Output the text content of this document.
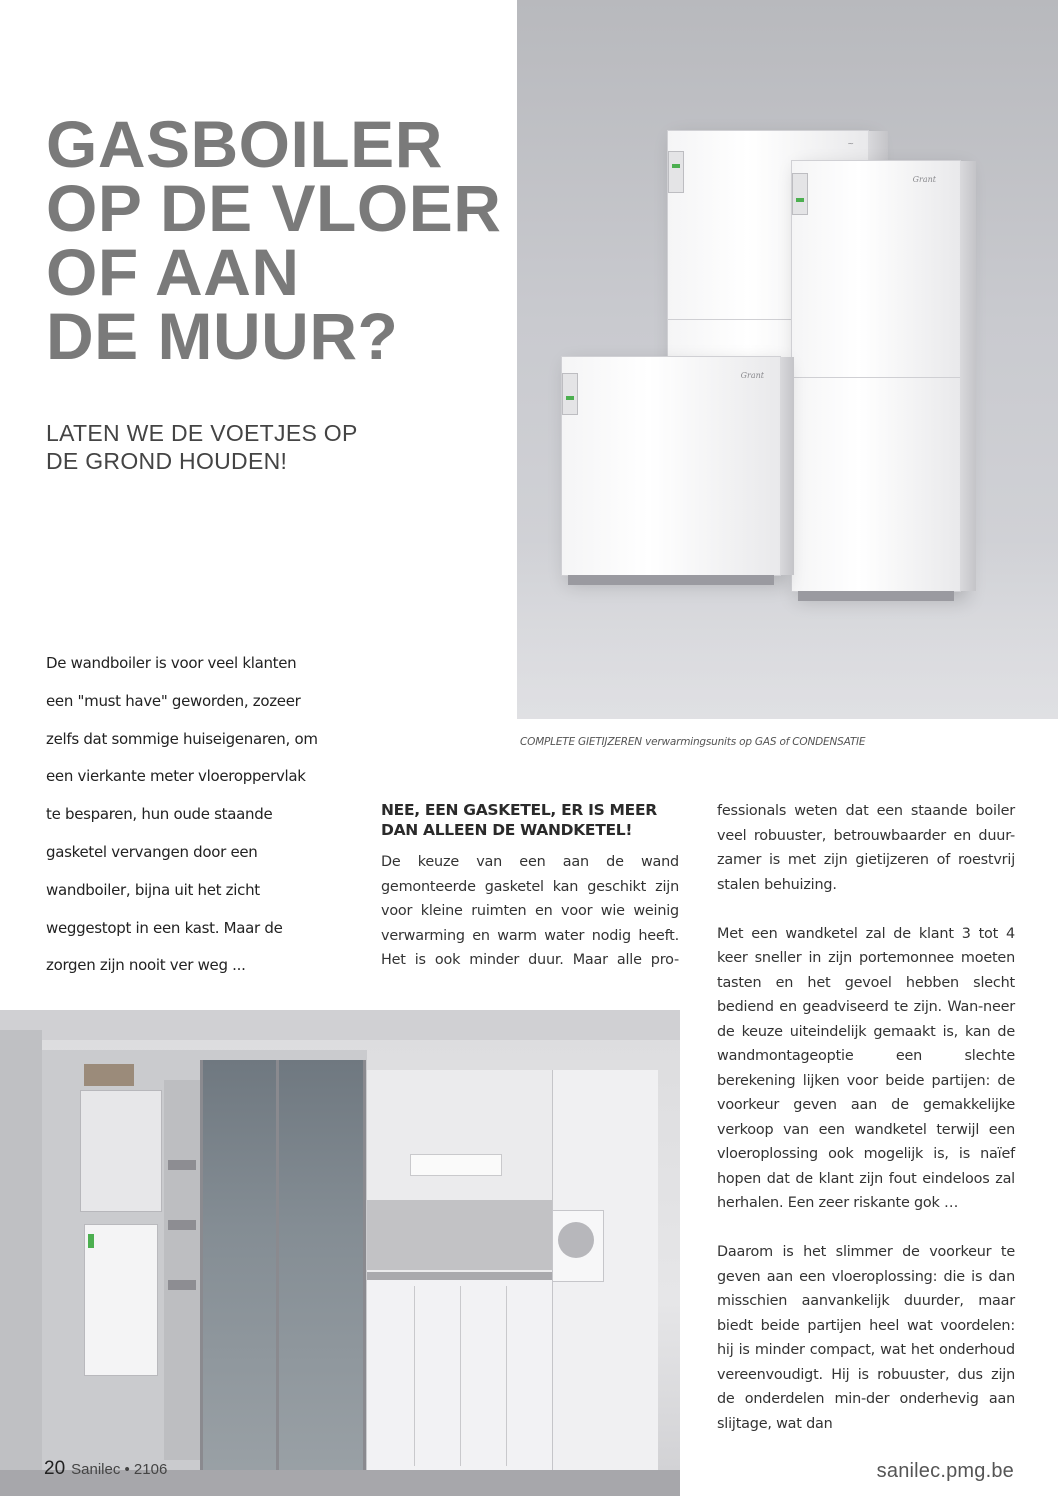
GASBOILER
OP DE VLOER
OF AAN
DE MUUR?
LATEN WE DE VOETJES OP
DE GROND HOUDEN!

De wandboiler is voor veel klanten
een "must have" geworden, zozeer
zelfs dat sommige huiseigenaren, om
een vierkante meter vloeroppervlak
te besparen, hun oude staande
gasketel vervangen door een
wandboiler, bijna uit het zicht
weggestopt in een kast. Maar de
zorgen zijn nooit ver weg ...

~
Grant
Grant

COMPLETE GIETIJZEREN verwarmingsunits op GAS of CONDENSATIE

NEE, EEN GASKETEL, ER IS MEER DAN ALLEEN DE WANDKETEL!

De keuze van een aan de wand gemonteerde gasketel kan geschikt zijn voor kleine ruimten en voor wie weinig verwarming en warm water nodig heeft. Het is ook minder duur. Maar alle pro-

fessionals weten dat een staande boiler veel robuuster, betrouwbaarder en duur-zamer is met zijn gietijzeren of roestvrij stalen behuizing.

Met een wandketel zal de klant 3 tot 4 keer sneller in zijn portemonnee moeten tasten en het gevoel hebben slecht bediend en geadviseerd te zijn. Wan-neer de keuze uiteindelijk gemaakt is, kan de wandmontageoptie een slechte berekening lijken voor beide partijen: de voorkeur geven aan de gemakkelijke verkoop van een wandketel terwijl een vloeroplossing ook mogelijk is, is naïef hopen dat de klant zijn fout eindeloos zal herhalen. Een zeer riskante gok …

Daarom is het slimmer de voorkeur te geven aan een vloeroplossing: die is dan misschien aanvankelijk duurder, maar biedt beide partijen heel wat voordelen: hij is minder compact, wat het onderhoud vereenvoudigt. Hij is robuuster, dus zijn de onderdelen min-der onderhevig aan slijtage, wat dan

20 Sanilec • 2106	sanilec.pmg.be
